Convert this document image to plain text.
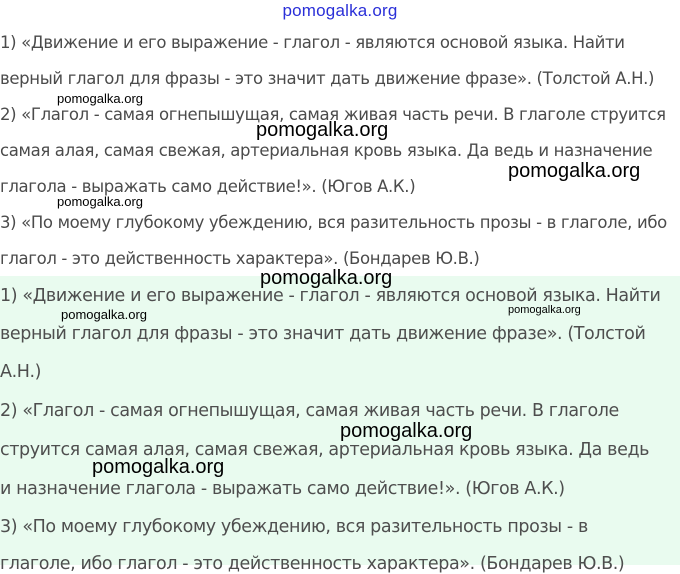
pomogalka.org
1) «Движение и его выражение - глагол - являются основой языка. Найти
верный глагол для фразы - это значит дать движение фразе». (Толстой А.Н.)
2) «Глагол - самая огнепышущая, самая живая часть речи. В глаголе струится
самая алая, самая свежая, артериальная кровь языка. Да ведь и назначение
глагола - выражать само действие!». (Югов А.К.)
3) «По моему глубокому убеждению, вся разительность прозы - в глаголе, ибо
глагол - это действенность характера». (Бондарев Ю.В.)
1) «Движение и его выражение - глагол - являются основой языка. Найти
верный глагол для фразы - это значит дать движение фразе». (Толстой
А.Н.)
2) «Глагол - самая огнепышущая, самая живая часть речи. В глаголе
струится самая алая, самая свежая, артериальная кровь языка. Да ведь
и назначение глагола - выражать само действие!». (Югов А.К.)
3) «По моему глубокому убеждению, вся разительность прозы - в
глаголе, ибо глагол - это действенность характера». (Бондарев Ю.В.)
pomogalka.org
pomogalka.org
pomogalka.org
pomogalka.org
pomogalka.org
pomogalka.org	pomogalka.org
pomogalka.org
pomogalka.org
